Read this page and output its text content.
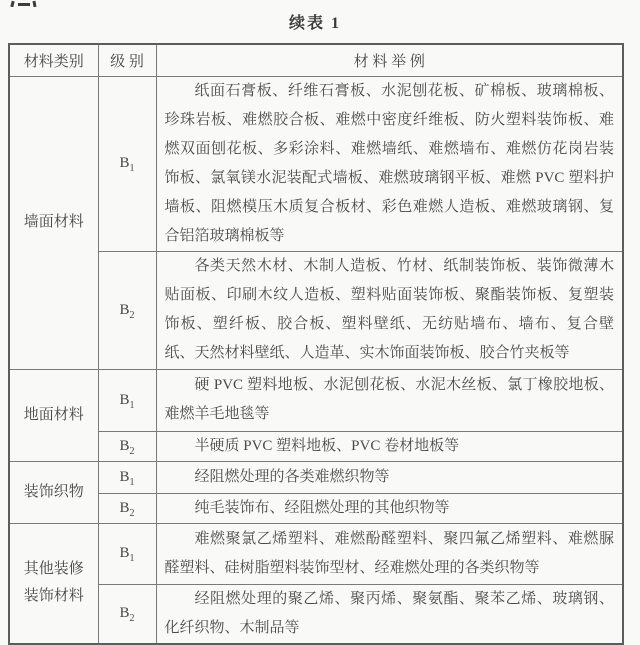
续表 1
材料类别	级 别	材 料 举 例
墙面材料	$B_1$	纸面石膏板、纤维石膏板、水泥刨花板、矿棉板、玻璃棉板、珍珠岩板、难燃胶合板、难燃中密度纤维板、防火塑料装饰板、难燃双面刨花板、多彩涂料、难燃墙纸、难燃墙布、难燃仿花岗岩装饰板、氯氧镁水泥装配式墙板、难燃玻璃钢平板、难燃 PVC 塑料护墙板、阻燃模压木质复合板材、彩色难燃人造板、难燃玻璃钢、复合铝箔玻璃棉板等

	$B_2$	各类天然木材、木制人造板、竹材、纸制装饰板、装饰微薄木贴面板、印刷木纹人造板、塑料贴面装饰板、聚酯装饰板、复塑装饰板、塑纤板、胶合板、塑料壁纸、无纺贴墙布、墙布、复合壁纸、天然材料壁纸、人造革、实木饰面装饰板、胶合竹夹板等

地面材料	$B_1$	硬 PVC 塑料地板、水泥刨花板、水泥木丝板、氯丁橡胶地板、难燃羊毛地毯等

	$B_2$	半硬质 PVC 塑料地板、PVC 卷材地板等

装饰织物	$B_1$	经阻燃处理的各类难燃织物等

	$B_2$	纯毛装饰布、经阻燃处理的其他织物等

其他装修装饰材料	$B_1$	难燃聚氯乙烯塑料、难燃酚醛塑料、聚四氟乙烯塑料、难燃脲醛塑料、硅树脂塑料装饰型材、经难燃处理的各类织物等

	$B_2$	经阻燃处理的聚乙烯、聚丙烯、聚氨酯、聚苯乙烯、玻璃钢、化纤织物、木制品等
